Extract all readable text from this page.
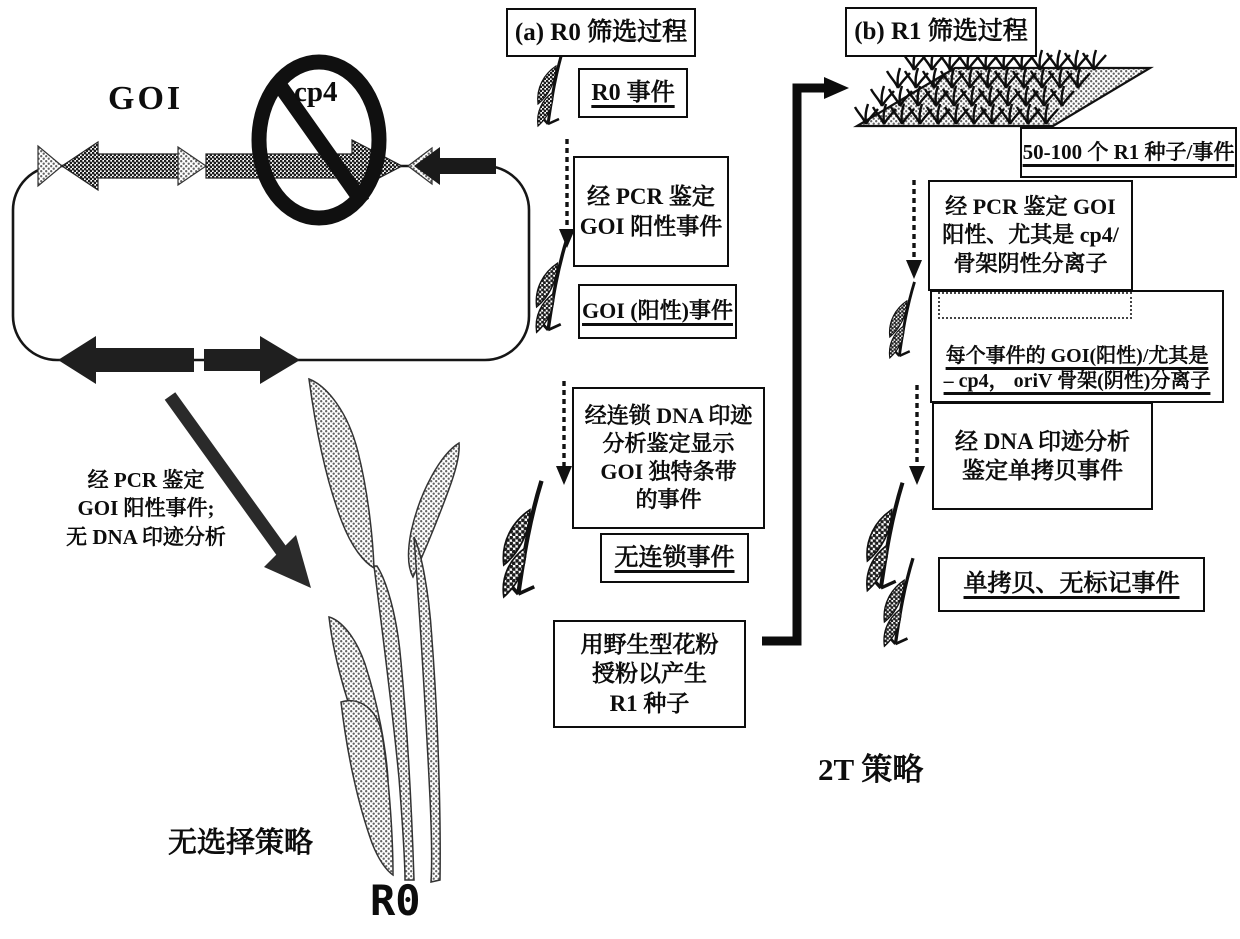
GOI	cp4
经 PCR 鉴定
GOI 阳性事件;
无 DNA 印迹分析
无选择策略
R0
2T 策略
(a) R0 筛选过程
R0 事件
经 PCR 鉴定
GOI 阳性事件
GOI (阳性)事件
经连锁 DNA 印迹
分析鉴定显示
GOI 独特条带
的事件
无连锁事件
用野生型花粉
授粉以产生
R1 种子
(b) R1 筛选过程
50-100 个 R1 种子/事件
经 PCR 鉴定 GOI
阳性、尤其是 cp4/
骨架阴性分离子
每个事件的 GOI(阳性)/尤其是
– cp4， oriV 骨架(阴性)分离子
经 DNA 印迹分析
鉴定单拷贝事件
单拷贝、无标记事件
